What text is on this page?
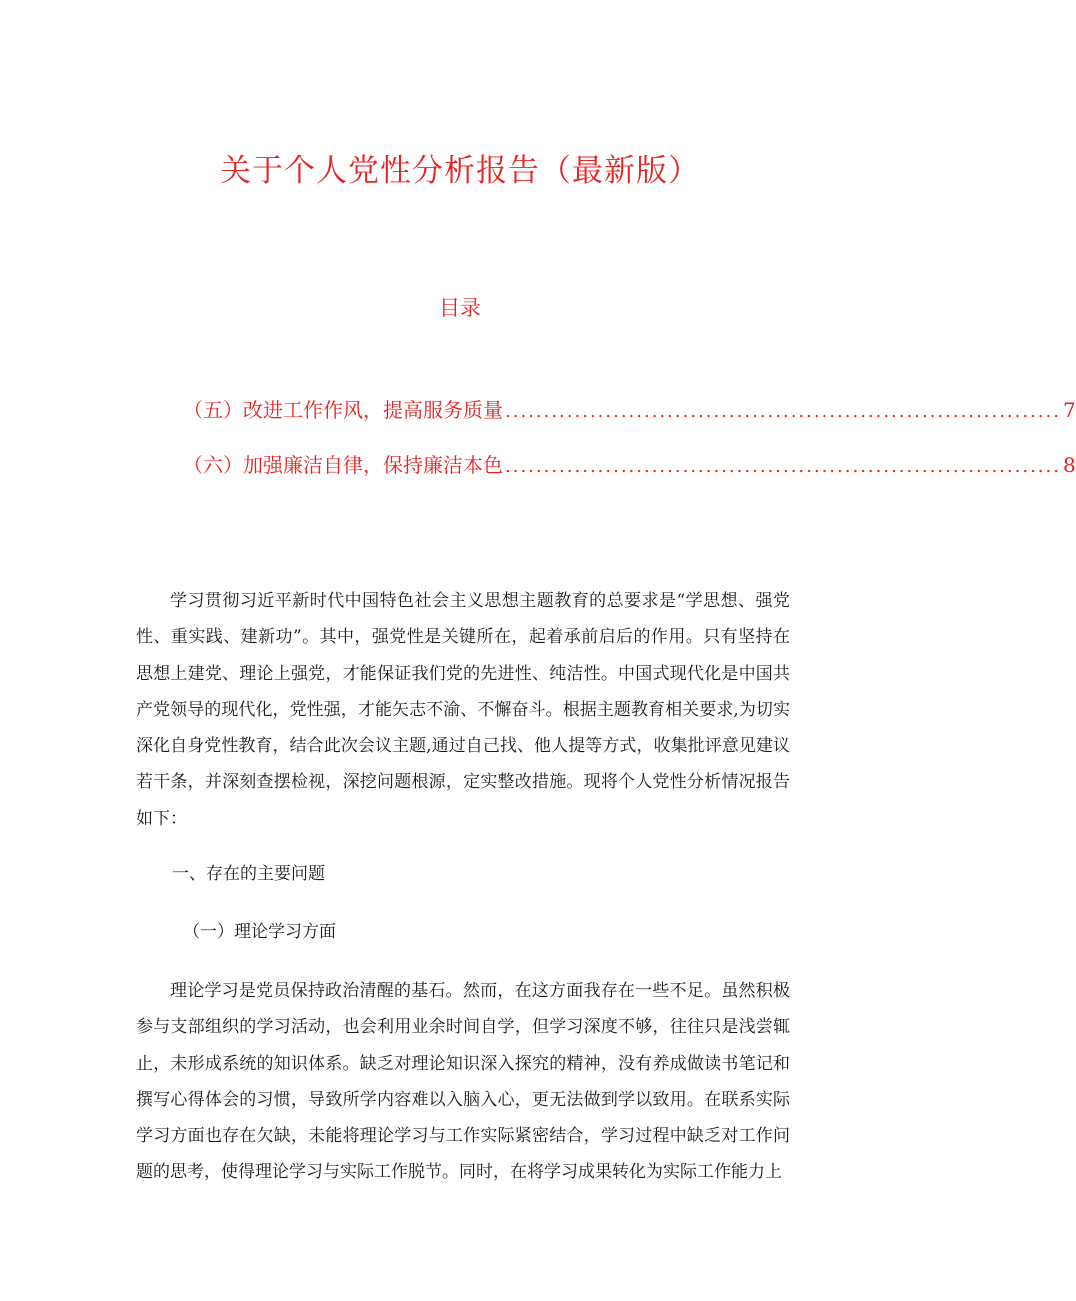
关于个人党性分析报告（最新版）
目录
（五）改进工作作风，提高服务质量 ........................................................................ 7
（六）加强廉洁自律，保持廉洁本色 ........................................................................ 8

学习贯彻习近平新时代中国特色社会主义思想主题教育的总要求是“学思想、强党性、重实践、建新功”。其中，强党性是关键所在，起着承前启后的作用。只有坚持在思想上建党、理论上强党，才能保证我们党的先进性、纯洁性。中国式现代化是中国共产党领导的现代化，党性强，才能矢志不渝、不懈奋斗。根据主题教育相关要求,为切实深化自身党性教育，结合此次会议主题,通过自己找、他人提等方式，收集批评意见建议若干条，并深刻查摆检视，深挖问题根源，定实整改措施。现将个人党性分析情况报告如下：

一、存在的主要问题
（一）理论学习方面

理论学习是党员保持政治清醒的基石。然而，在这方面我存在一些不足。虽然积极参与支部组织的学习活动，也会利用业余时间自学，但学习深度不够，往往只是浅尝辄止，未形成系统的知识体系。缺乏对理论知识深入探究的精神，没有养成做读书笔记和撰写心得体会的习惯，导致所学内容难以入脑入心，更无法做到学以致用。在联系实际学习方面也存在欠缺，未能将理论学习与工作实际紧密结合，学习过程中缺乏对工作问题的思考，使得理论学习与实际工作脱节。同时，在将学习成果转化为实际工作能力上
